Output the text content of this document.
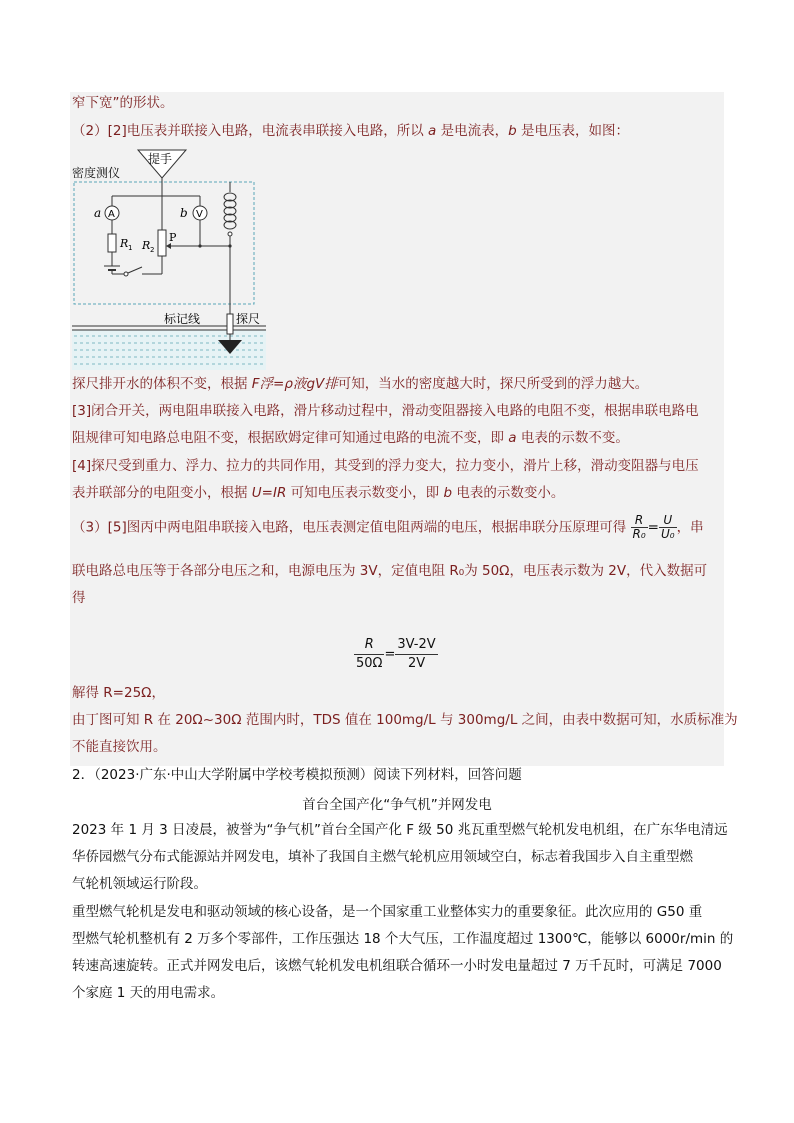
窄下宽”的形状。
（2）[2]电压表并联接入电路，电流表串联接入电路，所以 a 是电流表，b 是电压表，如图：
提手
密度测仪
A
a
R 1 R 2
P
V
b
标记线	探尺
探尺排开水的体积不变，根据 F浮=ρ液gV排可知，当水的密度越大时，探尺所受到的浮力越大。
[3]闭合开关，两电阻串联接入电路，滑片移动过程中，滑动变阻器接入电路的电阻不变，根据串联电路电
阻规律可知电路总电阻不变，根据欧姆定律可知通过电路的电流不变，即 a 电表的示数不变。
[4]探尺受到重力、浮力、拉力的共同作用，其受到的浮力变大，拉力变小，滑片上移，滑动变阻器与电压
表并联部分的电阻变小，根据 U=IR 可知电压表示数变小，即 b 电表的示数变小。
（3）[5]图丙中两电阻串联接入电路，电压表测定值电阻两端的电压，根据串联分压原理可得 $\frac{R}{\text{R₀}} = \frac{U}{\text{U₀}}$ ，串
联电路总电压等于各部分电压之和，电源电压为 3V，定值电阻 R₀为 50Ω，电压表示数为 2V，代入数据可
得
$\frac{R}{50\Omega} = \frac{3V-2V}{2V}$
解得 R=25Ω，
由丁图可知 R 在 20Ω~30Ω 范围内时，TDS 值在 100mg/L 与 300mg/L 之间，由表中数据可知，水质标准为
不能直接饮用。
2．（2023·广东·中山大学附属中学校考模拟预测）阅读下列材料，回答问题
首台全国产化“争气机”并网发电
2023 年 1 月 3 日凌晨，被誉为“争气机”首台全国产化 F 级 50 兆瓦重型燃气轮机发电机组，在广东华电清远
华侨园燃气分布式能源站并网发电，填补了我国自主燃气轮机应用领域空白，标志着我国步入自主重型燃
气轮机领域运行阶段。
重型燃气轮机是发电和驱动领域的核心设备，是一个国家重工业整体实力的重要象征。此次应用的 G50 重
型燃气轮机整机有 2 万多个零部件，工作压强达 18 个大气压，工作温度超过 1300℃，能够以 6000r/min 的
转速高速旋转。正式并网发电后，该燃气轮机发电机组联合循环一小时发电量超过 7 万千瓦时，可满足 7000
个家庭 1 天的用电需求。
